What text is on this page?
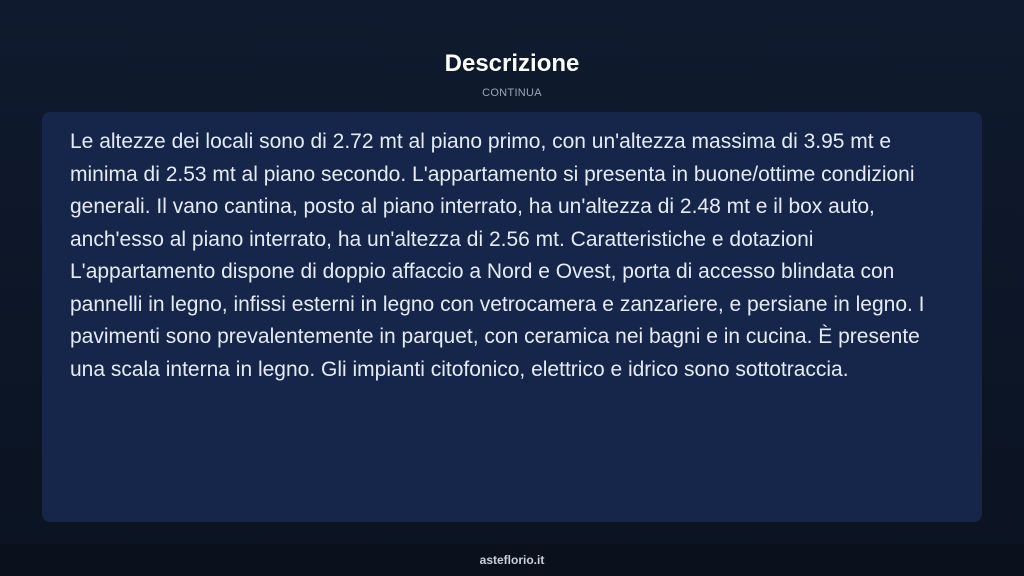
Descrizione
CONTINUA

Le altezze dei locali sono di 2.72 mt al piano primo, con un'altezza massima di 3.95 mt e minima di 2.53 mt al piano secondo. L'appartamento si presenta in buone/ottime condizioni generali. Il vano cantina, posto al piano interrato, ha un'altezza di 2.48 mt e il box auto, anch'esso al piano interrato, ha un'altezza di 2.56 mt. Caratteristiche e dotazioni L'appartamento dispone di doppio affaccio a Nord e Ovest, porta di accesso blindata con pannelli in legno, infissi esterni in legno con vetrocamera e zanzariere, e persiane in legno. I pavimenti sono prevalentemente in parquet, con ceramica nei bagni e in cucina. È presente una scala interna in legno. Gli impianti citofonico, elettrico e idrico sono sottotraccia.

asteflorio.it
